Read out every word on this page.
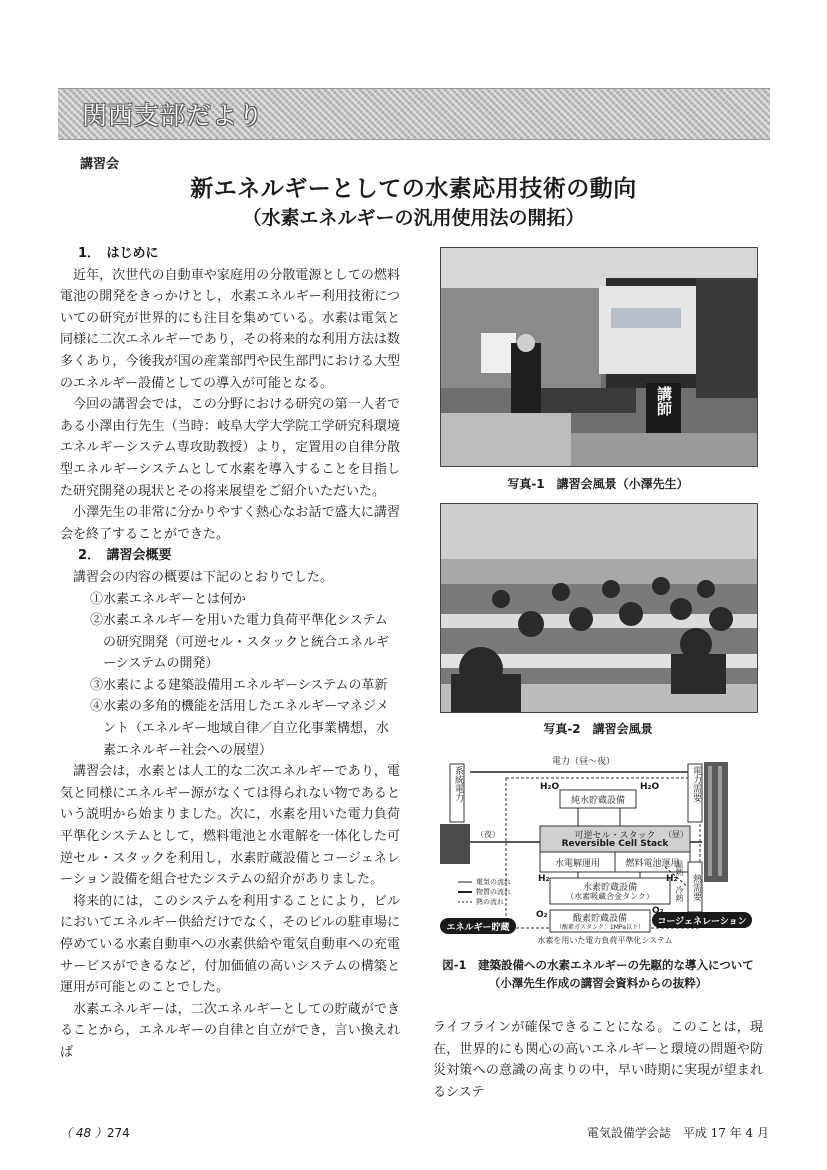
関西支部だより
講習会
新エネルギーとしての水素応用技術の動向
（水素エネルギーの汎用使用法の開拓）
1．　はじめに

近年，次世代の自動車や家庭用の分散電源としての燃料電池の開発をきっかけとし，水素エネルギー利用技術についての研究が世界的にも注目を集めている。水素は電気と同様に二次エネルギーであり，その将来的な利用方法は数多くあり，今後我が国の産業部門や民生部門における大型のエネルギー設備としての導入が可能となる。

今回の講習会では，この分野における研究の第一人者である小澤由行先生（当時：岐阜大学大学院工学研究科環境エネルギーシステム専攻助教授）より，定置用の自律分散型エネルギーシステムとして水素を導入することを目指した研究開発の現状とその将来展望をご紹介いただいた。

小澤先生の非常に分かりやすく熱心なお話で盛大に講習会を終了することができた。

2．　講習会概要

講習会の内容の概要は下記のとおりでした。

①水素エネルギーとは何か
②水素エネルギーを用いた電力負荷平準化システムの研究開発（可逆セル・スタックと統合エネルギーシステムの開発）
③水素による建築設備用エネルギーシステムの革新
④水素の多角的機能を活用したエネルギーマネジメント（エネルギー地域自律／自立化事業構想，水素エネルギー社会への展望）

講習会は，水素とは人工的な二次エネルギーであり，電気と同様にエネルギー源がなくては得られない物であるという説明から始まりました。次に，水素を用いた電力負荷平準化システムとして，燃料電池と水電解を一体化した可逆セル・スタックを利用し，水素貯蔵設備とコージェネレーション設備を組合せたシステムの紹介がありました。

将来的には，このシステムを利用することにより，ビルにおいてエネルギー供給だけでなく，そのビルの駐車場に停めている水素自動車への水素供給や電気自動車への充電サービスができるなど，付加価値の高いシステムの構築と運用が可能とのことでした。

水素エネルギーは，二次エネルギーとしての貯蔵ができることから，エネルギーの自律と自立ができ，言い換えれば

講師
写真-1　講習会風景（小澤先生）
写真-2　講習会風景
電力（昼～夜）
系統電力	電力需要
（夜）	（昼）
H₂O	H₂O
純水貯蔵設備
可逆セル・スタック
Reversible Cell Stack
水電解運用	燃料電池運用
H₂	H₂
水素貯蔵設備
（水素吸蔵合金タンク）
O₂	O₂
酸素貯蔵設備
（酸素ガスタンク：1MPa以下）
熱需要
温熱
冷熱
電気の流れ
物質の流れ
熱の流れ
エネルギー貯蔵
コージェネレーション
水素を用いた電力負荷平準化システム
図-1　建築設備への水素エネルギーの先駆的な導入について
（小澤先生作成の講習会資料からの抜粋）

ライフラインが確保できることになる。このことは，現在，世界的にも関心の高いエネルギーと環境の問題や防災対策への意識の高まりの中，早い時期に実現が望まれるシステ

（ 48 ）274	電気設備学会誌　平成 17 年 4 月
